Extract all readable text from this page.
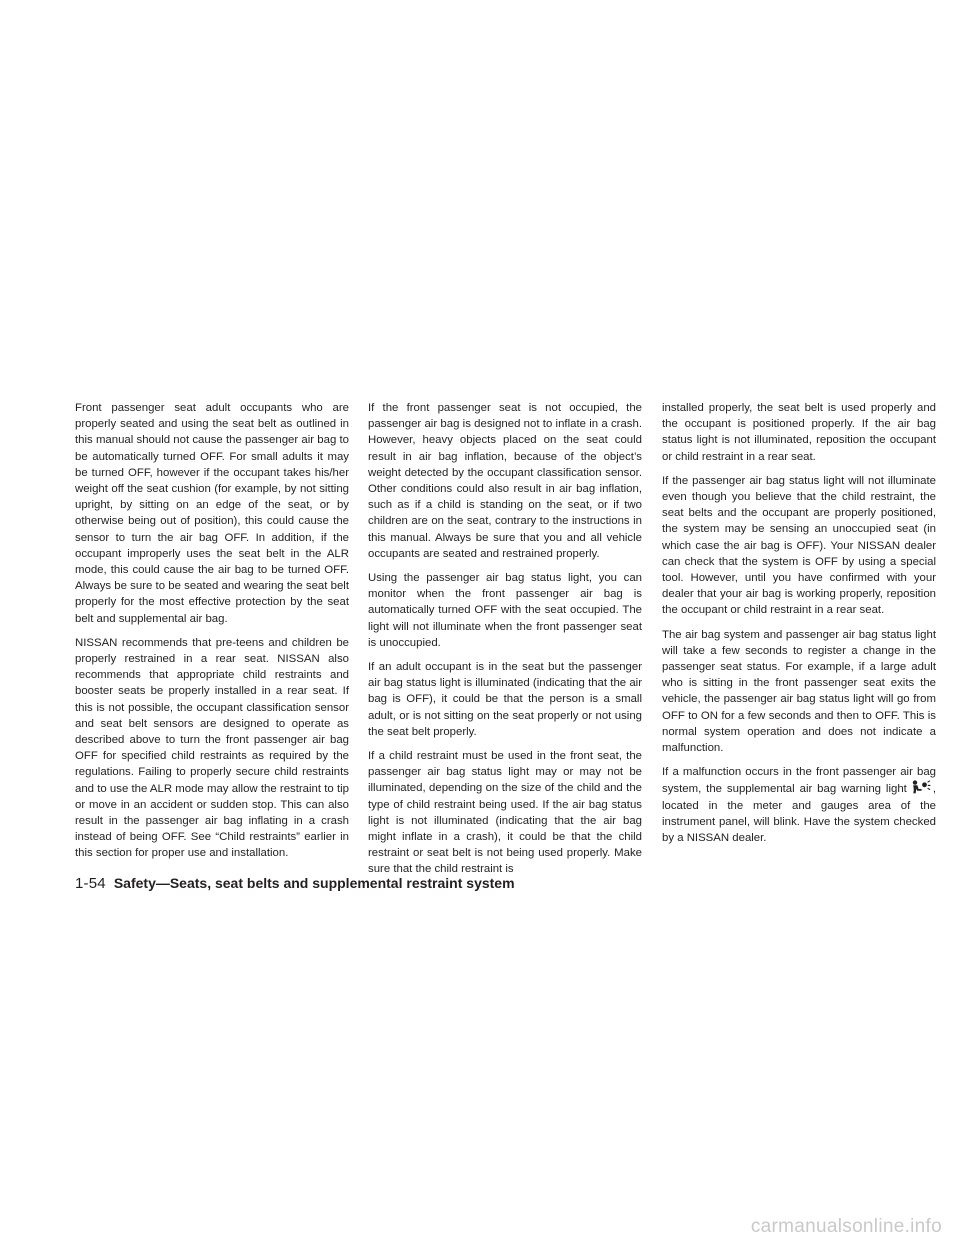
Front passenger seat adult occupants who are properly seated and using the seat belt as outlined in this manual should not cause the passenger air bag to be automatically turned OFF. For small adults it may be turned OFF, however if the occupant takes his/her weight off the seat cushion (for example, by not sitting upright, by sitting on an edge of the seat, or by otherwise being out of position), this could cause the sensor to turn the air bag OFF. In addition, if the occupant improperly uses the seat belt in the ALR mode, this could cause the air bag to be turned OFF. Always be sure to be seated and wearing the seat belt properly for the most effective protection by the seat belt and supplemental air bag.

NISSAN recommends that pre-teens and children be properly restrained in a rear seat. NISSAN also recommends that appropriate child restraints and booster seats be properly installed in a rear seat. If this is not possible, the occupant classification sensor and seat belt sensors are designed to operate as described above to turn the front passenger air bag OFF for specified child restraints as required by the regulations. Failing to properly secure child restraints and to use the ALR mode may allow the restraint to tip or move in an accident or sudden stop. This can also result in the passenger air bag inflating in a crash instead of being OFF. See “Child restraints” earlier in this section for proper use and installation.

If the front passenger seat is not occupied, the passenger air bag is designed not to inflate in a crash. However, heavy objects placed on the seat could result in air bag inflation, because of the object’s weight detected by the occupant classification sensor. Other conditions could also result in air bag inflation, such as if a child is standing on the seat, or if two children are on the seat, contrary to the instructions in this manual. Always be sure that you and all vehicle occupants are seated and restrained properly.

Using the passenger air bag status light, you can monitor when the front passenger air bag is automatically turned OFF with the seat occupied. The light will not illuminate when the front passenger seat is unoccupied.

If an adult occupant is in the seat but the passenger air bag status light is illuminated (indicating that the air bag is OFF), it could be that the person is a small adult, or is not sitting on the seat properly or not using the seat belt properly.

If a child restraint must be used in the front seat, the passenger air bag status light may or may not be illuminated, depending on the size of the child and the type of child restraint being used. If the air bag status light is not illuminated (indicating that the air bag might inflate in a crash), it could be that the child restraint or seat belt is not being used properly. Make sure that the child restraint is

installed properly, the seat belt is used properly and the occupant is positioned properly. If the air bag status light is not illuminated, reposition the occupant or child restraint in a rear seat.

If the passenger air bag status light will not illuminate even though you believe that the child restraint, the seat belts and the occupant are properly positioned, the system may be sensing an unoccupied seat (in which case the air bag is OFF). Your NISSAN dealer can check that the system is OFF by using a special tool. However, until you have confirmed with your dealer that your air bag is working properly, reposition the occupant or child restraint in a rear seat.

The air bag system and passenger air bag status light will take a few seconds to register a change in the passenger seat status. For example, if a large adult who is sitting in the front passenger seat exits the vehicle, the passenger air bag status light will go from OFF to ON for a few seconds and then to OFF. This is normal system operation and does not indicate a malfunction.

If a malfunction occurs in the front passenger air bag system, the supplemental air bag warning light , located in the meter and gauges area of the instrument panel, will blink. Have the system checked by a NISSAN dealer.

1-54 Safety—Seats, seat belts and supplemental restraint system
carmanualsonline.info
